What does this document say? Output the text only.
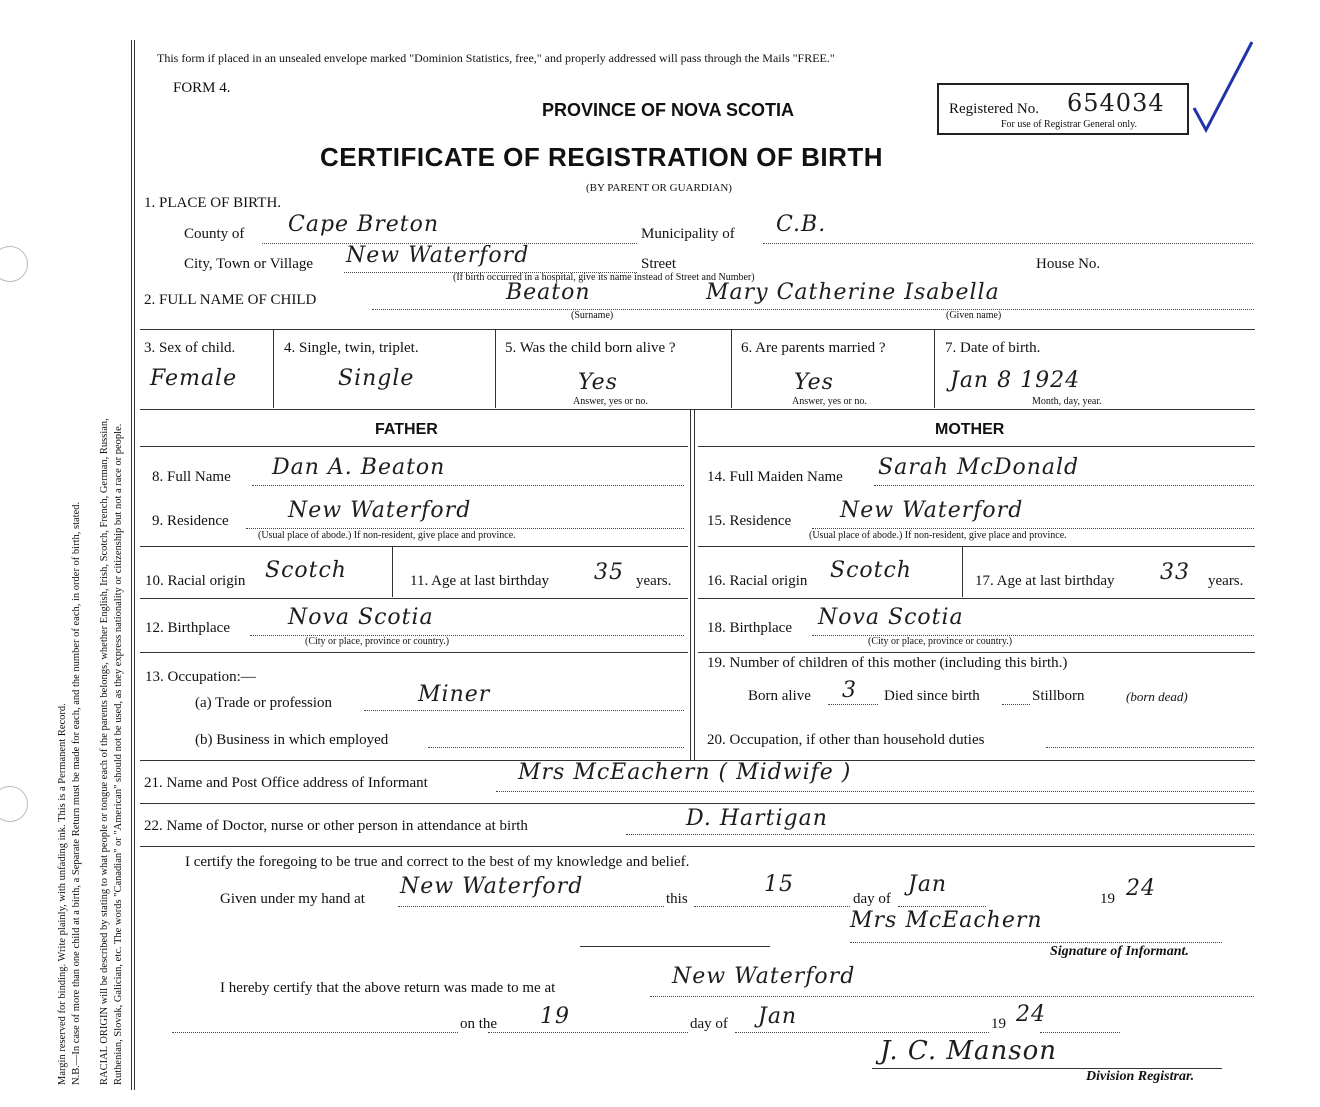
Margin reserved for binding. Write plainly, with unfading ink. This is a Permanent Record. N.B.—In case of more than one child at a birth, a Separate Return must be made for each, and the number of each, in order of birth, stated. RACIAL ORIGIN will be described by stating to what people or tongue each of the parents belongs, whether English, Irish, Scotch, French, German, Russian, Ruthenian, Slovak, Galician, etc. The words "Canadian" or "American" should not be used, as they express nationality or citizenship but not a race or people.
This form if placed in an unsealed envelope marked "Dominion Statistics, free," and properly addressed will pass through the Mails "FREE."
FORM 4.
PROVINCE OF NOVA SCOTIA
CERTIFICATE OF REGISTRATION OF BIRTH
(BY PARENT OR GUARDIAN)
Registered No. 654034
For use of Registrar General only.
1. PLACE OF BIRTH.
County of Cape Breton	Municipality of C.B.
City, Town or Village New Waterford	Street	House No.
(If birth occurred in a hospital, give its name instead of Street and Number)
2. FULL NAME OF CHILD	Beaton	Mary Catherine Isabella
(Surname)	(Given name)
3. Sex of child.
Female
4. Single, twin, triplet.
Single
5. Was the child born alive ?
Yes
Answer, yes or no.
6. Are parents married ?
Yes
Answer, yes or no.
7. Date of birth.
Jan 8 1924
Month, day, year.
FATHER	MOTHER
8. Full Name Dan A. Beaton
9. Residence	New Waterford
(Usual place of abode.) If non-resident, give place and province.
10. Racial origin Scotch	11. Age at last birthday 35 years.
12. Birthplace	Nova Scotia
(City or place, province or country.)
13. Occupation:—
(a) Trade or profession	Miner
(b) Business in which employed
14. Full Maiden Name Sarah McDonald
15. Residence New Waterford
(Usual place of abode.) If non-resident, give place and province.
16. Racial origin Scotch	17. Age at last birthday 33 years.
18. Birthplace Nova Scotia
(City or place, province or country.)
19. Number of children of this mother (including this birth.)
Born alive 3 Died since birth	Stillborn	(born dead)
20. Occupation, if other than household duties
21. Name and Post Office address of Informant	Mrs McEachern ( Midwife )
22. Name of Doctor, nurse or other person in attendance at birth	D. Hartigan
I certify the foregoing to be true and correct to the best of my knowledge and belief.
Given under my hand at New Waterford	this
15
day of
Jan
19 24
Mrs McEachern
Signature of Informant.
I hereby certify that the above return was made to me at	New Waterford
on the 19	day of Jan	19 24
J. C. Manson
Division Registrar.
